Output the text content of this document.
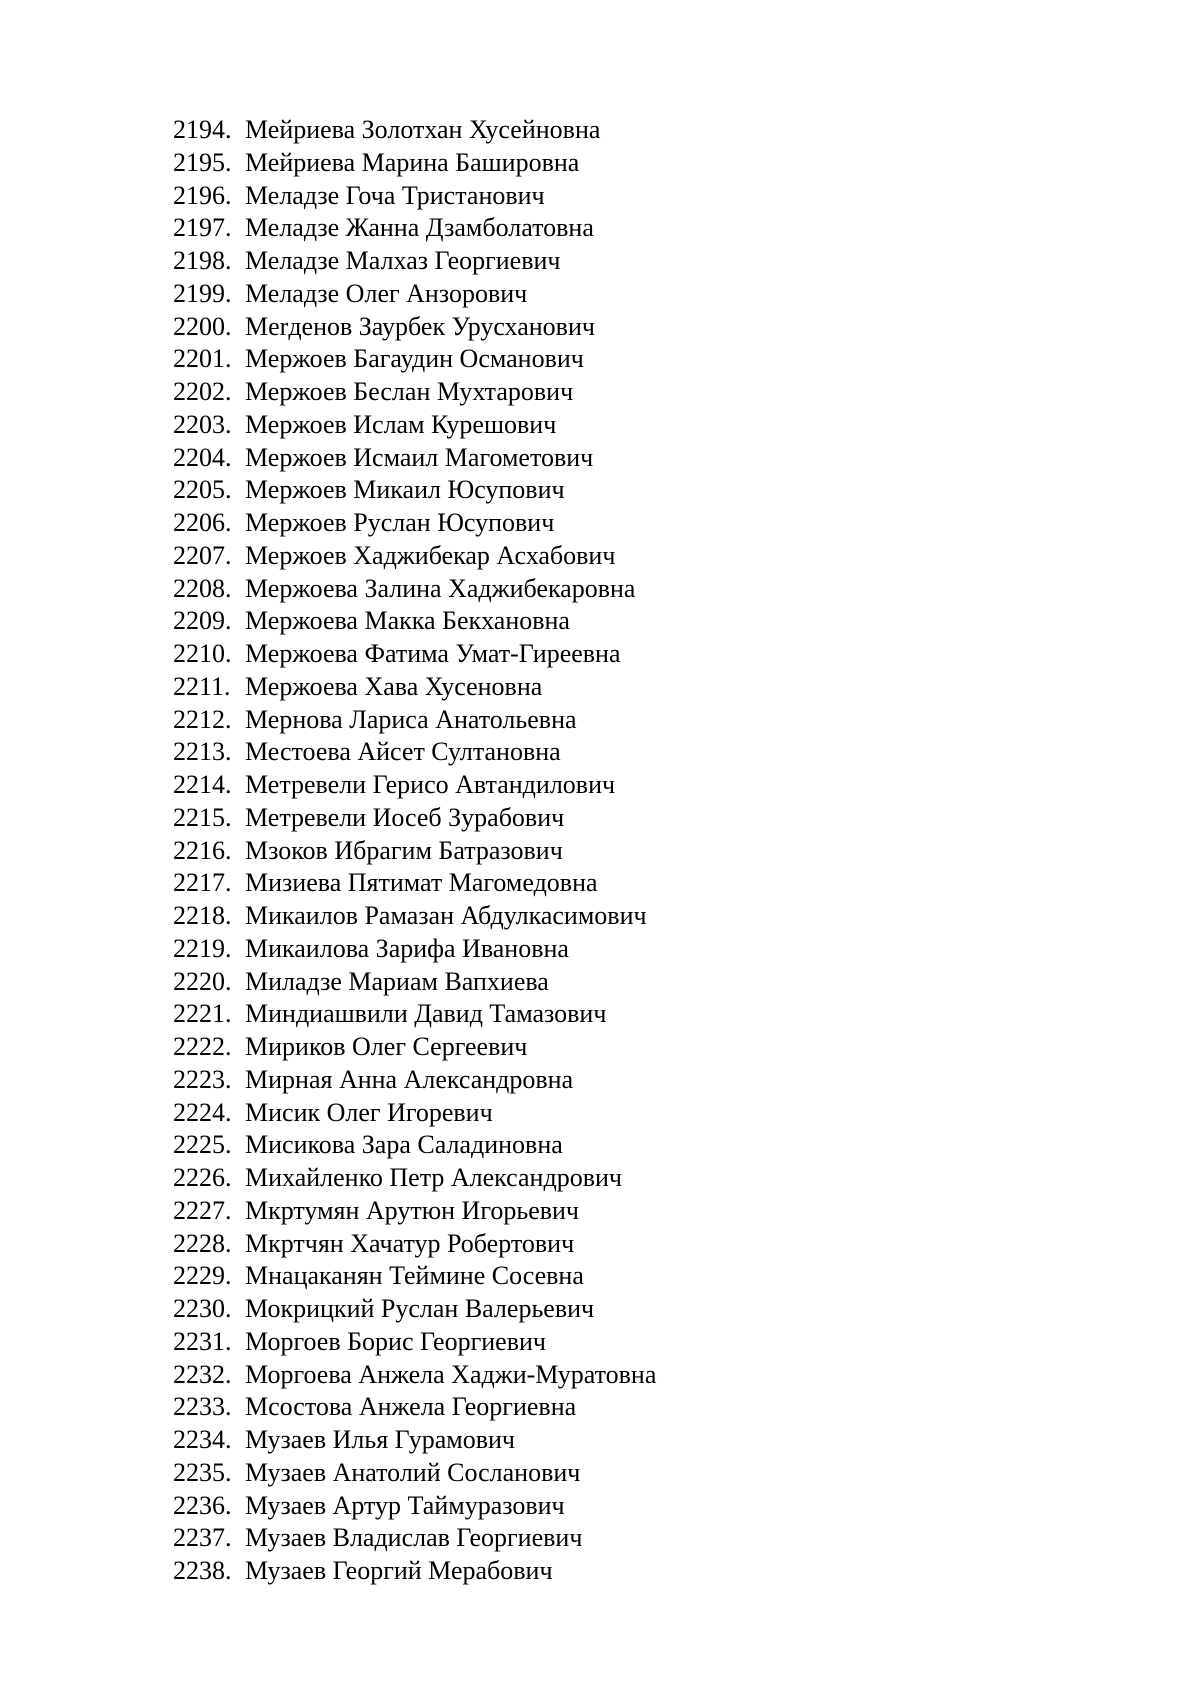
2194. Мейриева Золотхан Хусейновна
2195. Мейриева Марина Башировна
2196. Меладзе Гоча Тристанович
2197. Меладзе Жанна Дзамболатовна
2198. Меладзе Малхаз Георгиевич
2199. Меладзе Олег Анзорович
2200. Merденов Заурбек Урусханович
2201. Мержоев Багаудин Османович
2202. Мержоев Беслан Мухтарович
2203. Мержоев Ислам Курешович
2204. Мержоев Исмаил Магометович
2205. Мержоев Микаил Юсупович
2206. Мержоев Руслан Юсупович
2207. Мержоев Хаджибекар Асхабович
2208. Мержоева Залина Хаджибекаровна
2209. Мержоева Макка Бекхановна
2210. Мержоева Фатима Умат-Гиреевна
2211. Мержоева Хава Хусеновна
2212. Мернова Лариса Анатольевна
2213. Местоева Айсет Султановна
2214. Метревели Герисо Автандилович
2215. Метревели Иосеб Зурабович
2216. Мзоков Ибрагим Батразович
2217. Мизиева Пятимат Магомедовна
2218. Микаилов Рамазан Абдулкасимович
2219. Микаилова Зарифа Ивановна
2220. Миладзе Мариам Вапхиева
2221. Миндиашвили Давид Тамазович
2222. Мириков Олег Сергеевич
2223. Мирная Анна Александровна
2224. Мисик Олег Игоревич
2225. Мисикова Зара Саладиновна
2226. Михайленко Петр Александрович
2227. Мкртумян Арутюн Игорьевич
2228. Мкртчян Хачатур Робертович
2229. Мнацаканян Теймине Сосевна
2230. Мокрицкий Руслан Валерьевич
2231. Моргоев Борис Георгиевич
2232. Моргоева Анжела Хаджи-Муратовна
2233. Мсостова Анжела Георгиевна
2234. Музаев Илья Гурамович
2235. Музаев Анатолий Сосланович
2236. Музаев Артур Таймуразович
2237. Музаев Владислав Георгиевич
2238. Музаев Георгий Мерабович
